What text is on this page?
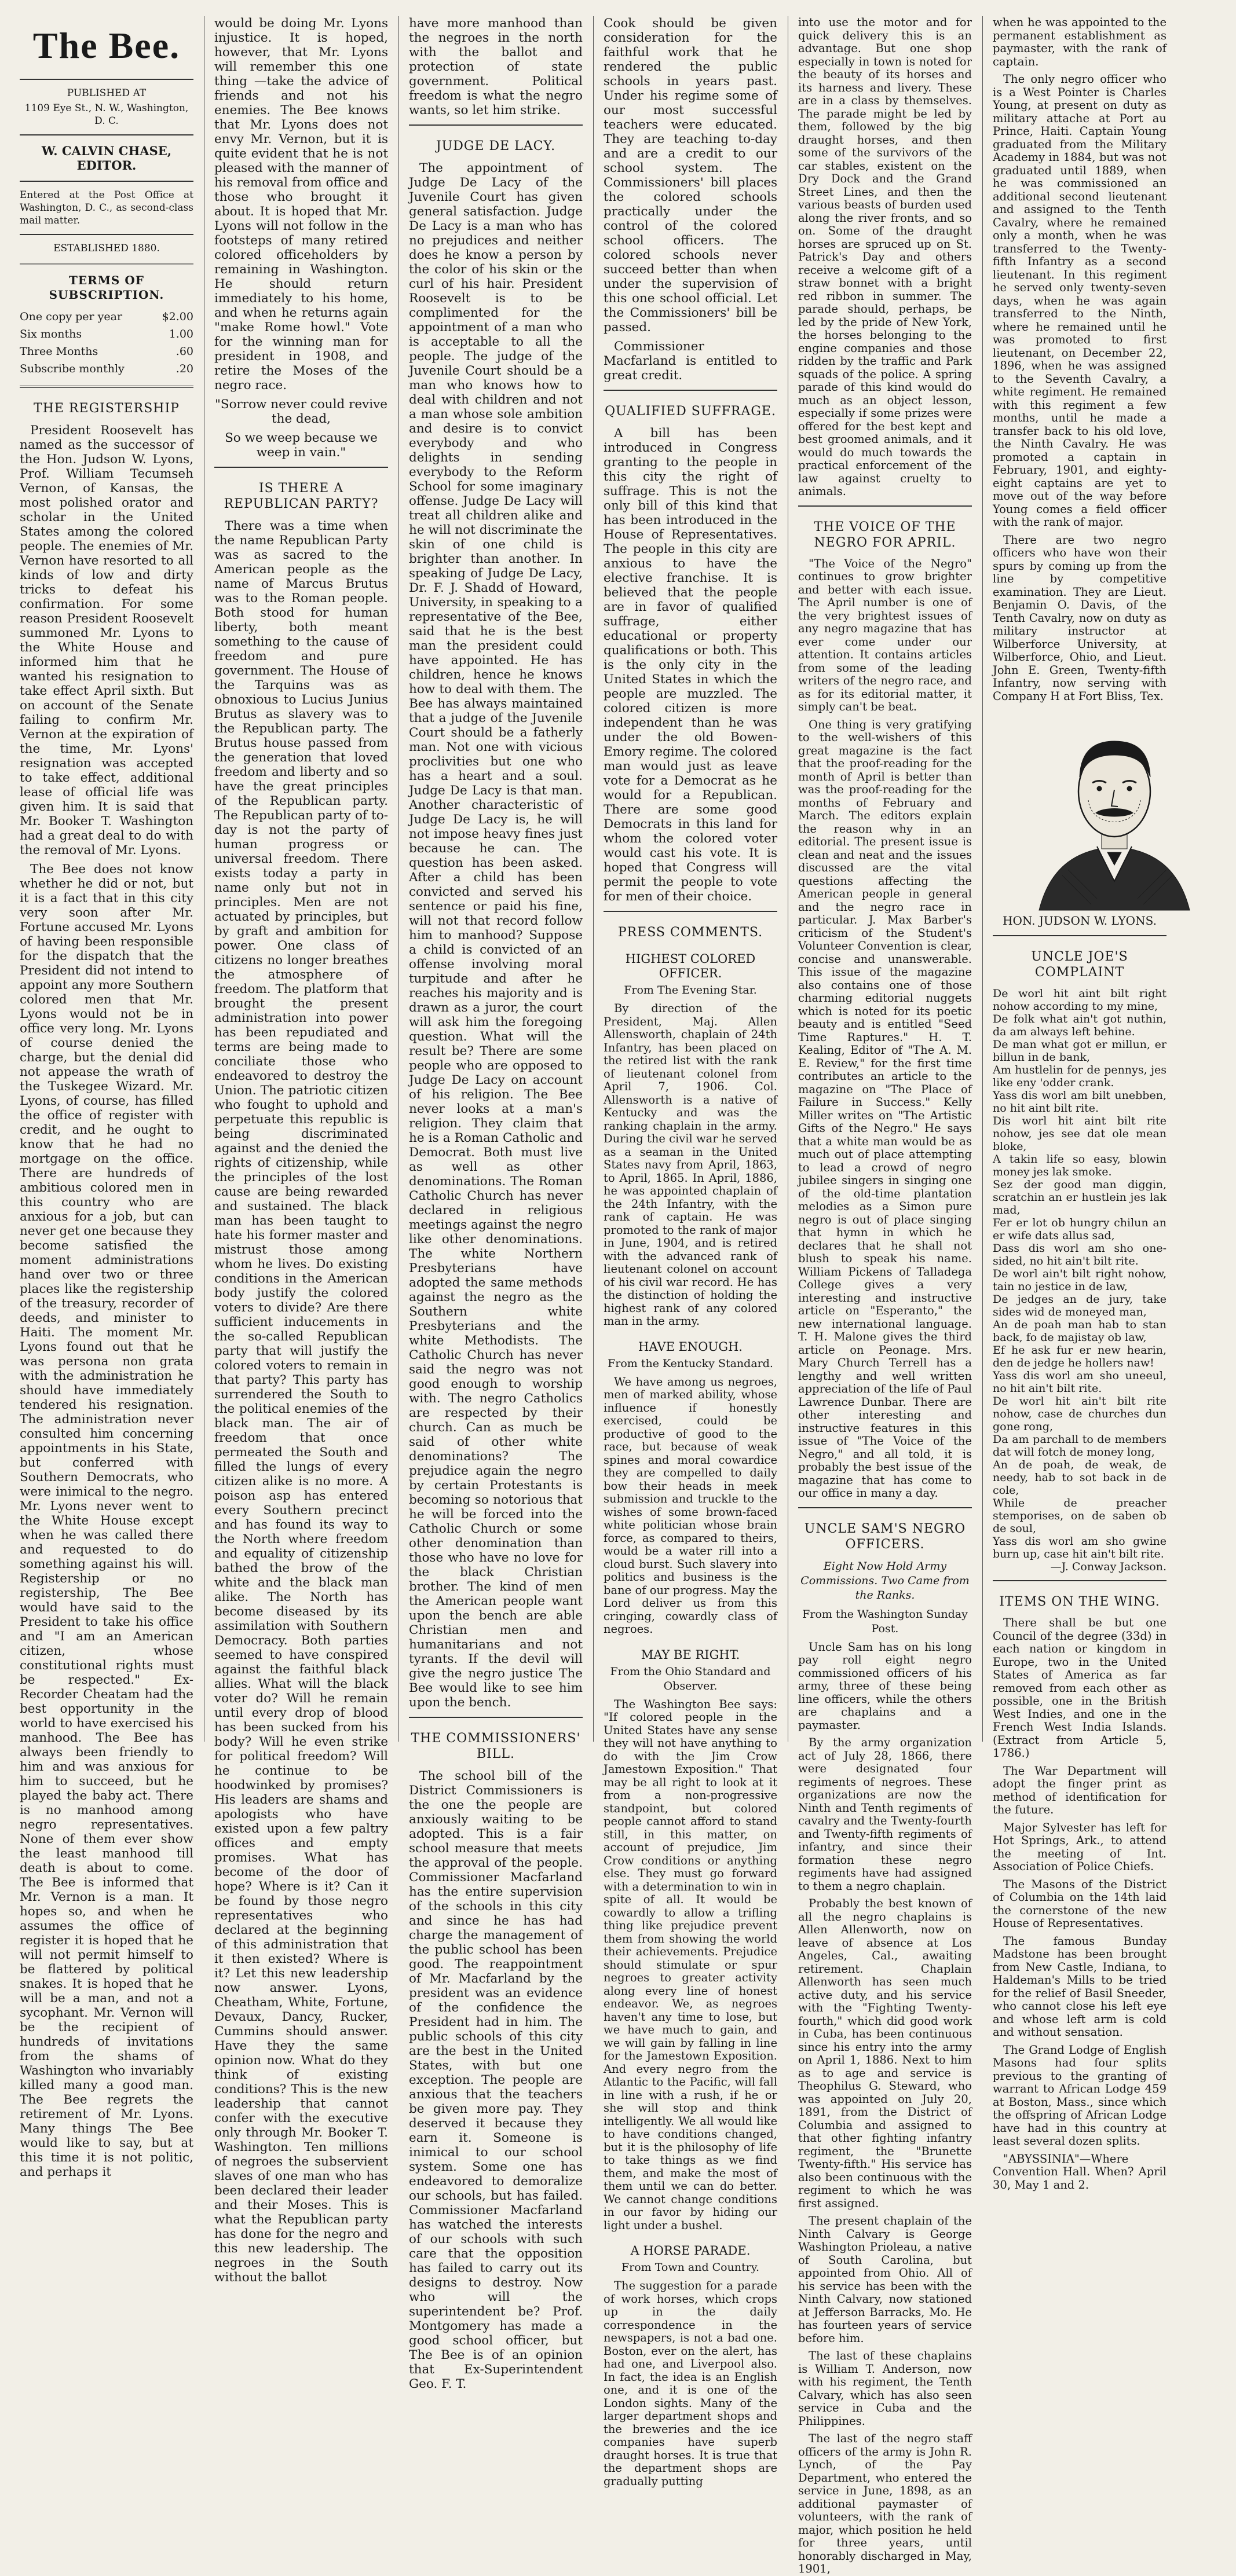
The Bee.
PUBLISHED AT
1109 Eye St., N. W., Washington, D. C.
W. CALVIN CHASE, EDITOR.
Entered at the Post Office at Washington, D. C., as second-class mail matter.
ESTABLISHED 1880.
TERMS OF SUBSCRIPTION.
One copy per year	$2.00
Six months	1.00
Three Months	.60
Subscribe monthly	.20
THE REGISTERSHIP

President Roosevelt has named as the successor of the Hon. Judson W. Lyons, Prof. William Tecumseh Vernon, of Kansas, the most polished orator and scholar in the United States among the colored people. The enemies of Mr. Vernon have resorted to all kinds of low and dirty tricks to defeat his confirmation. For some reason President Roosevelt summoned Mr. Lyons to the White House and informed him that he wanted his resignation to take effect April sixth. But on account of the Senate failing to confirm Mr. Vernon at the expiration of the time, Mr. Lyons' resignation was accepted to take effect, additional lease of official life was given him. It is said that Mr. Booker T. Washington had a great deal to do with the removal of Mr. Lyons.

The Bee does not know whether he did or not, but it is a fact that in this city very soon after Mr. Fortune accused Mr. Lyons of having been responsible for the dispatch that the President did not intend to appoint any more Southern colored men that Mr. Lyons would not be in office very long. Mr. Lyons of course denied the charge, but the denial did not appease the wrath of the Tuskegee Wizard. Mr. Lyons, of course, has filled the office of register with credit, and he ought to know that he had no mortgage on the office. There are hundreds of ambitious colored men in this country who are anxious for a job, but can never get one because they become satisfied the moment administrations hand over two or three places like the registership of the treasury, recorder of deeds, and minister to Haiti. The moment Mr. Lyons found out that he was persona non grata with the administration he should have immediately tendered his resignation. The administration never consulted him concerning appointments in his State, but conferred with Southern Democrats, who were inimical to the negro. Mr. Lyons never went to the White House except when he was called there and requested to do something against his will. Registership or no registership, The Bee would have said to the President to take his office and "I am an American citizen, whose constitutional rights must be respected." Ex-Recorder Cheatam had the best opportunity in the world to have exercised his manhood. The Bee has always been friendly to him and was anxious for him to succeed, but he played the baby act. There is no manhood among negro representatives. None of them ever show the least manhood till death is about to come. The Bee is informed that Mr. Vernon is a man. It hopes so, and when he assumes the office of register it is hoped that he will not permit himself to be flattered by political snakes. It is hoped that he will be a man, and not a sycophant. Mr. Vernon will be the recipient of hundreds of invitations from the shams of Washington who invariably killed many a good man. The Bee regrets the retirement of Mr. Lyons. Many things The Bee would like to say, but at this time it is not politic, and perhaps it

would be doing Mr. Lyons injustice. It is hoped, however, that Mr. Lyons will remember this one thing —take the advice of friends and not his enemies. The Bee knows that Mr. Lyons does not envy Mr. Vernon, but it is quite evident that he is not pleased with the manner of his removal from office and those who brought it about. It is hoped that Mr. Lyons will not follow in the footsteps of many retired colored officeholders by remaining in Washington. He should return immediately to his home, and when he returns again "make Rome howl." Vote for the winning man for president in 1908, and retire the Moses of the negro race.

"Sorrow never could revive the dead,

So we weep because we weep in vain."

IS THERE A REPUBLICAN PARTY?

There was a time when the name Republican Party was as sacred to the American people as the name of Marcus Brutus was to the Roman people. Both stood for human liberty, both meant something to the cause of freedom and pure government. The House of the Tarquins was as obnoxious to Lucius Junius Brutus as slavery was to the Republican party. The Brutus house passed from the generation that loved freedom and liberty and so have the great principles of the Republican party. The Republican party of to-day is not the party of human progress or universal freedom. There exists today a party in name only but not in principles. Men are not actuated by principles, but by graft and ambition for power. One class of citizens no longer breathes the atmosphere of freedom. The platform that brought the present administration into power has been repudiated and terms are being made to conciliate those who endeavored to destroy the Union. The patriotic citizen who fought to uphold and perpetuate this republic is being discriminated against and the denied the rights of citizenship, while the principles of the lost cause are being rewarded and sustained. The black man has been taught to hate his former master and mistrust those among whom he lives. Do existing conditions in the American body justify the colored voters to divide? Are there sufficient inducements in the so-called Republican party that will justify the colored voters to remain in that party? This party has surrendered the South to the political enemies of the black man. The air of freedom that once permeated the South and filled the lungs of every citizen alike is no more. A poison asp has entered every Southern precinct and has found its way to the North where freedom and equality of citizenship bathed the brow of the white and the black man alike. The North has become diseased by its assimilation with Southern Democracy. Both parties seemed to have conspired against the faithful black allies. What will the black voter do? Will he remain until every drop of blood has been sucked from his body? Will he even strike for political freedom? Will he continue to be hoodwinked by promises? His leaders are shams and apologists who have existed upon a few paltry offices and empty promises. What has become of the door of hope? Where is it? Can it be found by those negro representatives who declared at the beginning of this administration that it then existed? Where is it? Let this new leadership now answer. Lyons, Cheatham, White, Fortune, Devaux, Dancy, Rucker, Cummins should answer. Have they the same opinion now. What do they think of existing conditions? This is the new leadership that cannot confer with the executive only through Mr. Booker T. Washington. Ten millions of negroes the subservient slaves of one man who has been declared their leader and their Moses. This is what the Republican party has done for the negro and this new leadership. The negroes in the South without the ballot

have more manhood than the negroes in the north with the ballot and protection of state government. Political freedom is what the negro wants, so let him strike.

JUDGE DE LACY.

The appointment of Judge De Lacy of the Juvenile Court has given general satisfaction. Judge De Lacy is a man who has no prejudices and neither does he know a person by the color of his skin or the curl of his hair. President Roosevelt is to be complimented for the appointment of a man who is acceptable to all the people. The judge of the Juvenile Court should be a man who knows how to deal with children and not a man whose sole ambition and desire is to convict everybody and who delights in sending everybody to the Reform School for some imaginary offense. Judge De Lacy will treat all children alike and he will not discriminate the skin of one child is brighter than another. In speaking of Judge De Lacy, Dr. F. J. Shadd of Howard, University, in speaking to a representative of the Bee, said that he is the best man the president could have appointed. He has children, hence he knows how to deal with them. The Bee has always maintained that a judge of the Juvenile Court should be a fatherly man. Not one with vicious proclivities but one who has a heart and a soul. Judge De Lacy is that man. Another characteristic of Judge De Lacy is, he will not impose heavy fines just because he can. The question has been asked. After a child has been convicted and served his sentence or paid his fine, will not that record follow him to manhood? Suppose a child is convicted of an offense involving moral turpitude and after he reaches his majority and is drawn as a juror, the court will ask him the foregoing question. What will the result be? There are some people who are opposed to Judge De Lacy on account of his religion. The Bee never looks at a man's religion. They claim that he is a Roman Catholic and Democrat. Both must live as well as other denominations. The Roman Catholic Church has never declared in religious meetings against the negro like other denominations. The white Northern Presbyterians have adopted the same methods against the negro as the Southern white Presbyterians and the white Methodists. The Catholic Church has never said the negro was not good enough to worship with. The negro Catholics are respected by their church. Can as much be said of other white denominations? The prejudice again the negro by certain Protestants is becoming so notorious that he will be forced into the Catholic Church or some other denomination than those who have no love for the black Christian brother. The kind of men the American people want upon the bench are able Christian men and humanitarians and not tyrants. If the devil will give the negro justice The Bee would like to see him upon the bench.

THE COMMISSIONERS' BILL.

The school bill of the District Commissioners is the one the people are anxiously waiting to be adopted. This is a fair school measure that meets the approval of the people. Commissioner Macfarland has the entire supervision of the schools in this city and since he has had charge the management of the public school has been good. The reappointment of Mr. Macfarland by the president was an evidence of the confidence the President had in him. The public schools of this city are the best in the United States, with but one exception. The people are anxious that the teachers be given more pay. They deserved it because they earn it. Someone is inimical to our school system. Some one has endeavored to demoralize our schools, but has failed. Commissioner Macfarland has watched the interests of our schools with such care that the opposition has failed to carry out its designs to destroy. Now who will the superintendent be? Prof. Montgomery has made a good school officer, but The Bee is of an opinion that Ex-Superintendent Geo. F. T.

Cook should be given consideration for the faithful work that he rendered the public schools in years past. Under his regime some of our most successful teachers were educated. They are teaching to-day and are a credit to our school system. The Commissioners' bill places the colored schools practically under the control of the colored school officers. The colored schools never succeed better than when under the supervision of this one school official. Let the Commissioners' bill be passed.

Commissioner Macfarland is entitled to great credit.

QUALIFIED SUFFRAGE.

A bill has been introduced in Congress granting to the people in this city the right of suffrage. This is not the only bill of this kind that has been introduced in the House of Representatives. The people in this city are anxious to have the elective franchise. It is believed that the people are in favor of qualified suffrage, either educational or property qualifications or both. This is the only city in the United States in which the people are muzzled. The colored citizen is more independent than he was under the old Bowen-Emory regime. The colored man would just as leave vote for a Democrat as he would for a Republican. There are some good Democrats in this land for whom the colored voter would cast his vote. It is hoped that Congress will permit the people to vote for men of their choice.

PRESS COMMENTS.
HIGHEST COLORED OFFICER.
From The Evening Star.

By direction of the President, Maj. Allen Allensworth, chaplain of 24th Infantry, has been placed on the retired list with the rank of lieutenant colonel from April 7, 1906. Col. Allensworth is a native of Kentucky and was the ranking chaplain in the army. During the civil war he served as a seaman in the United States navy from April, 1863, to April, 1865. In April, 1886, he was appointed chaplain of the 24th Infantry, with the rank of captain. He was promoted to the rank of major in June, 1904, and is retired with the advanced rank of lieutenant colonel on account of his civil war record. He has the distinction of holding the highest rank of any colored man in the army.

HAVE ENOUGH.
From the Kentucky Standard.

We have among us negroes, men of marked ability, whose influence if honestly exercised, could be productive of good to the race, but because of weak spines and moral cowardice they are compelled to daily bow their heads in meek submission and truckle to the wishes of some brown-faced white politician whose brain force, as compared to theirs, would be a water rill into a cloud burst. Such slavery into politics and business is the bane of our progress. May the Lord deliver us from this cringing, cowardly class of negroes.

MAY BE RIGHT.
From the Ohio Standard and Observer.

The Washington Bee says: "If colored people in the United States have any sense they will not have anything to do with the Jim Crow Jamestown Exposition." That may be all right to look at it from a non-progressive standpoint, but colored people cannot afford to stand still, in this matter, on account of prejudice, Jim Crow conditions or anything else. They must go forward with a determination to win in spite of all. It would be cowardly to allow a trifling thing like prejudice prevent them from showing the world their achievements. Prejudice should stimulate or spur negroes to greater activity along every line of honest endeavor. We, as negroes haven't any time to lose, but we have much to gain, and we will gain by falling in line for the Jamestown Exposition. And every negro from the Atlantic to the Pacific, will fall in line with a rush, if he or she will stop and think intelligently. We all would like to have conditions changed, but it is the philosophy of life to take things as we find them, and make the most of them until we can do better. We cannot change conditions in our favor by hiding our light under a bushel.

A HORSE PARADE.
From Town and Country.

The suggestion for a parade of work horses, which crops up in the daily correspondence in the newspapers, is not a bad one. Boston, ever on the alert, has had one, and Liverpool also. In fact, the idea is an English one, and it is one of the London sights. Many of the larger department shops and the breweries and the ice companies have superb draught horses. It is true that the department shops are gradually putting

into use the motor and for quick delivery this is an advantage. But one shop especially in town is noted for the beauty of its horses and its harness and livery. These are in a class by themselves. The parade might be led by them, followed by the big draught horses, and then some of the survivors of the car stables, existent on the Dry Dock and the Grand Street Lines, and then the various beasts of burden used along the river fronts, and so on. Some of the draught horses are spruced up on St. Patrick's Day and others receive a welcome gift of a straw bonnet with a bright red ribbon in summer. The parade should, perhaps, be led by the pride of New York, the horses belonging to the engine companies and those ridden by the traffic and Park squads of the police. A spring parade of this kind would do much as an object lesson, especially if some prizes were offered for the best kept and best groomed animals, and it would do much towards the practical enforcement of the law against cruelty to animals.

THE VOICE OF THE NEGRO FOR APRIL.

"The Voice of the Negro" continues to grow brighter and better with each issue. The April number is one of the very brightest issues of any negro magazine that has ever come under our attention. It contains articles from some of the leading writers of the negro race, and as for its editorial matter, it simply can't be beat.

One thing is very gratifying to the well-wishers of this great magazine is the fact that the proof-reading for the month of April is better than was the proof-reading for the months of February and March. The editors explain the reason why in an editorial. The present issue is clean and neat and the issues discussed are the vital questions affecting the American people in general and the negro race in particular. J. Max Barber's criticism of the Student's Volunteer Convention is clear, concise and unanswerable. This issue of the magazine also contains one of those charming editorial nuggets which is noted for its poetic beauty and is entitled "Seed Time Raptures." H. T. Kealing, Editor of "The A. M. E. Review," for the first time contributes an article to the magazine on "The Place of Failure in Success." Kelly Miller writes on "The Artistic Gifts of the Negro." He says that a white man would be as much out of place attempting to lead a crowd of negro jubilee singers in singing one of the old-time plantation melodies as a Simon pure negro is out of place singing that hymn in which he declares that he shall not blush to speak his name. William Pickens of Talladega College gives a very interesting and instructive article on "Esperanto," the new international language. T. H. Malone gives the third article on Peonage. Mrs. Mary Church Terrell has a lengthy and well written appreciation of the life of Paul Lawrence Dunbar. There are other interesting and instructive features in this issue of "The Voice of the Negro," and all told, it is probably the best issue of the magazine that has come to our office in many a day.

UNCLE SAM'S NEGRO OFFICERS.
Eight Now Hold Army Commissions. Two Came from the Ranks.
From the Washington Sunday Post.

Uncle Sam has on his long pay roll eight negro commissioned officers of his army, three of these being line officers, while the others are chaplains and a paymaster.

By the army organization act of July 28, 1866, there were designated four regiments of negroes. These organizations are now the Ninth and Tenth regiments of cavalry and the Twenty-fourth and Twenty-fifth regiments of infantry, and since their formation these negro regiments have had assigned to them a negro chaplain.

Probably the best known of all the negro chaplains is Allen Allenworth, now on leave of absence at Los Angeles, Cal., awaiting retirement. Chaplain Allenworth has seen much active duty, and his service with the "Fighting Twenty-fourth," which did good work in Cuba, has been continuous since his entry into the army on April 1, 1886. Next to him as to age and service is Theophilus G. Steward, who was appointed on July 20, 1891, from the District of Columbia and assigned to that other fighting infantry regiment, the "Brunette Twenty-fifth." His service has also been continuous with the regiment to which he was first assigned.

The present chaplain of the Ninth Calvary is George Washington Prioleau, a native of South Carolina, but appointed from Ohio. All of his service has been with the Ninth Calvary, now stationed at Jefferson Barracks, Mo. He has fourteen years of service before him.

The last of these chaplains is William T. Anderson, now with his regiment, the Tenth Calvary, which has also seen service in Cuba and the Philippines.

The last of the negro staff officers of the army is John R. Lynch, of the Pay Department, who entered the service in June, 1898, as an additional paymaster of volunteers, with the rank of major, which position he held for three years, until honorably discharged in May, 1901,

when he was appointed to the permanent establishment as paymaster, with the rank of captain.

The only negro officer who is a West Pointer is Charles Young, at present on duty as military attache at Port au Prince, Haiti. Captain Young graduated from the Military Academy in 1884, but was not graduated until 1889, when he was commissioned an additional second lieutenant and assigned to the Tenth Cavalry, where he remained only a month, when he was transferred to the Twenty-fifth Infantry as a second lieutenant. In this regiment he served only twenty-seven days, when he was again transferred to the Ninth, where he remained until he was promoted to first lieutenant, on December 22, 1896, when he was assigned to the Seventh Cavalry, a white regiment. He remained with this regiment a few months, until he made a transfer back to his old love, the Ninth Cavalry. He was promoted a captain in February, 1901, and eighty-eight captains are yet to move out of the way before Young comes a field officer with the rank of major.

There are two negro officers who have won their spurs by coming up from the line by competitive examination. They are Lieut. Benjamin O. Davis, of the Tenth Cavalry, now on duty as military instructor at Wilberforce University, at Wilberforce, Ohio, and Lieut. John E. Green, Twenty-fifth Infantry, now serving with Company H at Fort Bliss, Tex.

HON. JUDSON W. LYONS.
UNCLE JOE'S COMPLAINT
De worl hit aint bilt right nohow according to my mine,
De folk what ain't got nuthin, da am always left behine.
De man what got er millun, er billun in de bank,
Am hustlelin for de pennys, jes like eny 'odder crank.
Yass dis worl am bilt unebben, no hit aint bilt rite.
Dis worl hit aint bilt rite nohow, jes see dat ole mean bloke,
A takin life so easy, blowin money jes lak smoke.
Sez der good man diggin, scratchin an er hustlein jes lak mad,
Fer er lot ob hungry chilun an er wife dats allus sad,
Dass dis worl am sho one-sided, no hit ain't bilt rite.
De worl ain't bilt right nohow, tain no jestice in de law,
De jedges an de jury, take sides wid de moneyed man,
An de poah man hab to stan back, fo de majistay ob law,
Ef he ask fur er new hearin, den de jedge he hollers naw!
Yass dis worl am sho uneeul, no hit ain't bilt rite.
De worl hit ain't bilt rite nohow, case de churches dun gone rong,
Da am parchall to de members dat will fotch de money long,
An de poah, de weak, de needy, hab to sot back in de cole,
While de preacher stemporises, on de saben ob de soul,
Yass dis worl am sho gwine burn up, case hit ain't bilt rite.
—J. Conway Jackson.
ITEMS ON THE WING.

There shall be but one Council of the degree (33d) in each nation or kingdom in Europe, two in the United States of America as far removed from each other as possible, one in the British West Indies, and one in the French West India Islands. (Extract from Article 5, 1786.)

The War Department will adopt the finger print as method of identification for the future.

Major Sylvester has left for Hot Springs, Ark., to attend the meeting of Int. Association of Police Chiefs.

The Masons of the District of Columbia on the 14th laid the cornerstone of the new House of Representatives.

The famous Bunday Madstone has been brought from New Castle, Indiana, to Haldeman's Mills to be tried for the relief of Basil Sneeder, who cannot close his left eye and whose left arm is cold and without sensation.

The Grand Lodge of English Masons had four splits previous to the granting of warrant to African Lodge 459 at Boston, Mass., since which the offspring of African Lodge have had in this country at least several dozen splits.

"ABYSSINIA"—Where Convention Hall. When? April 30, May 1 and 2.
